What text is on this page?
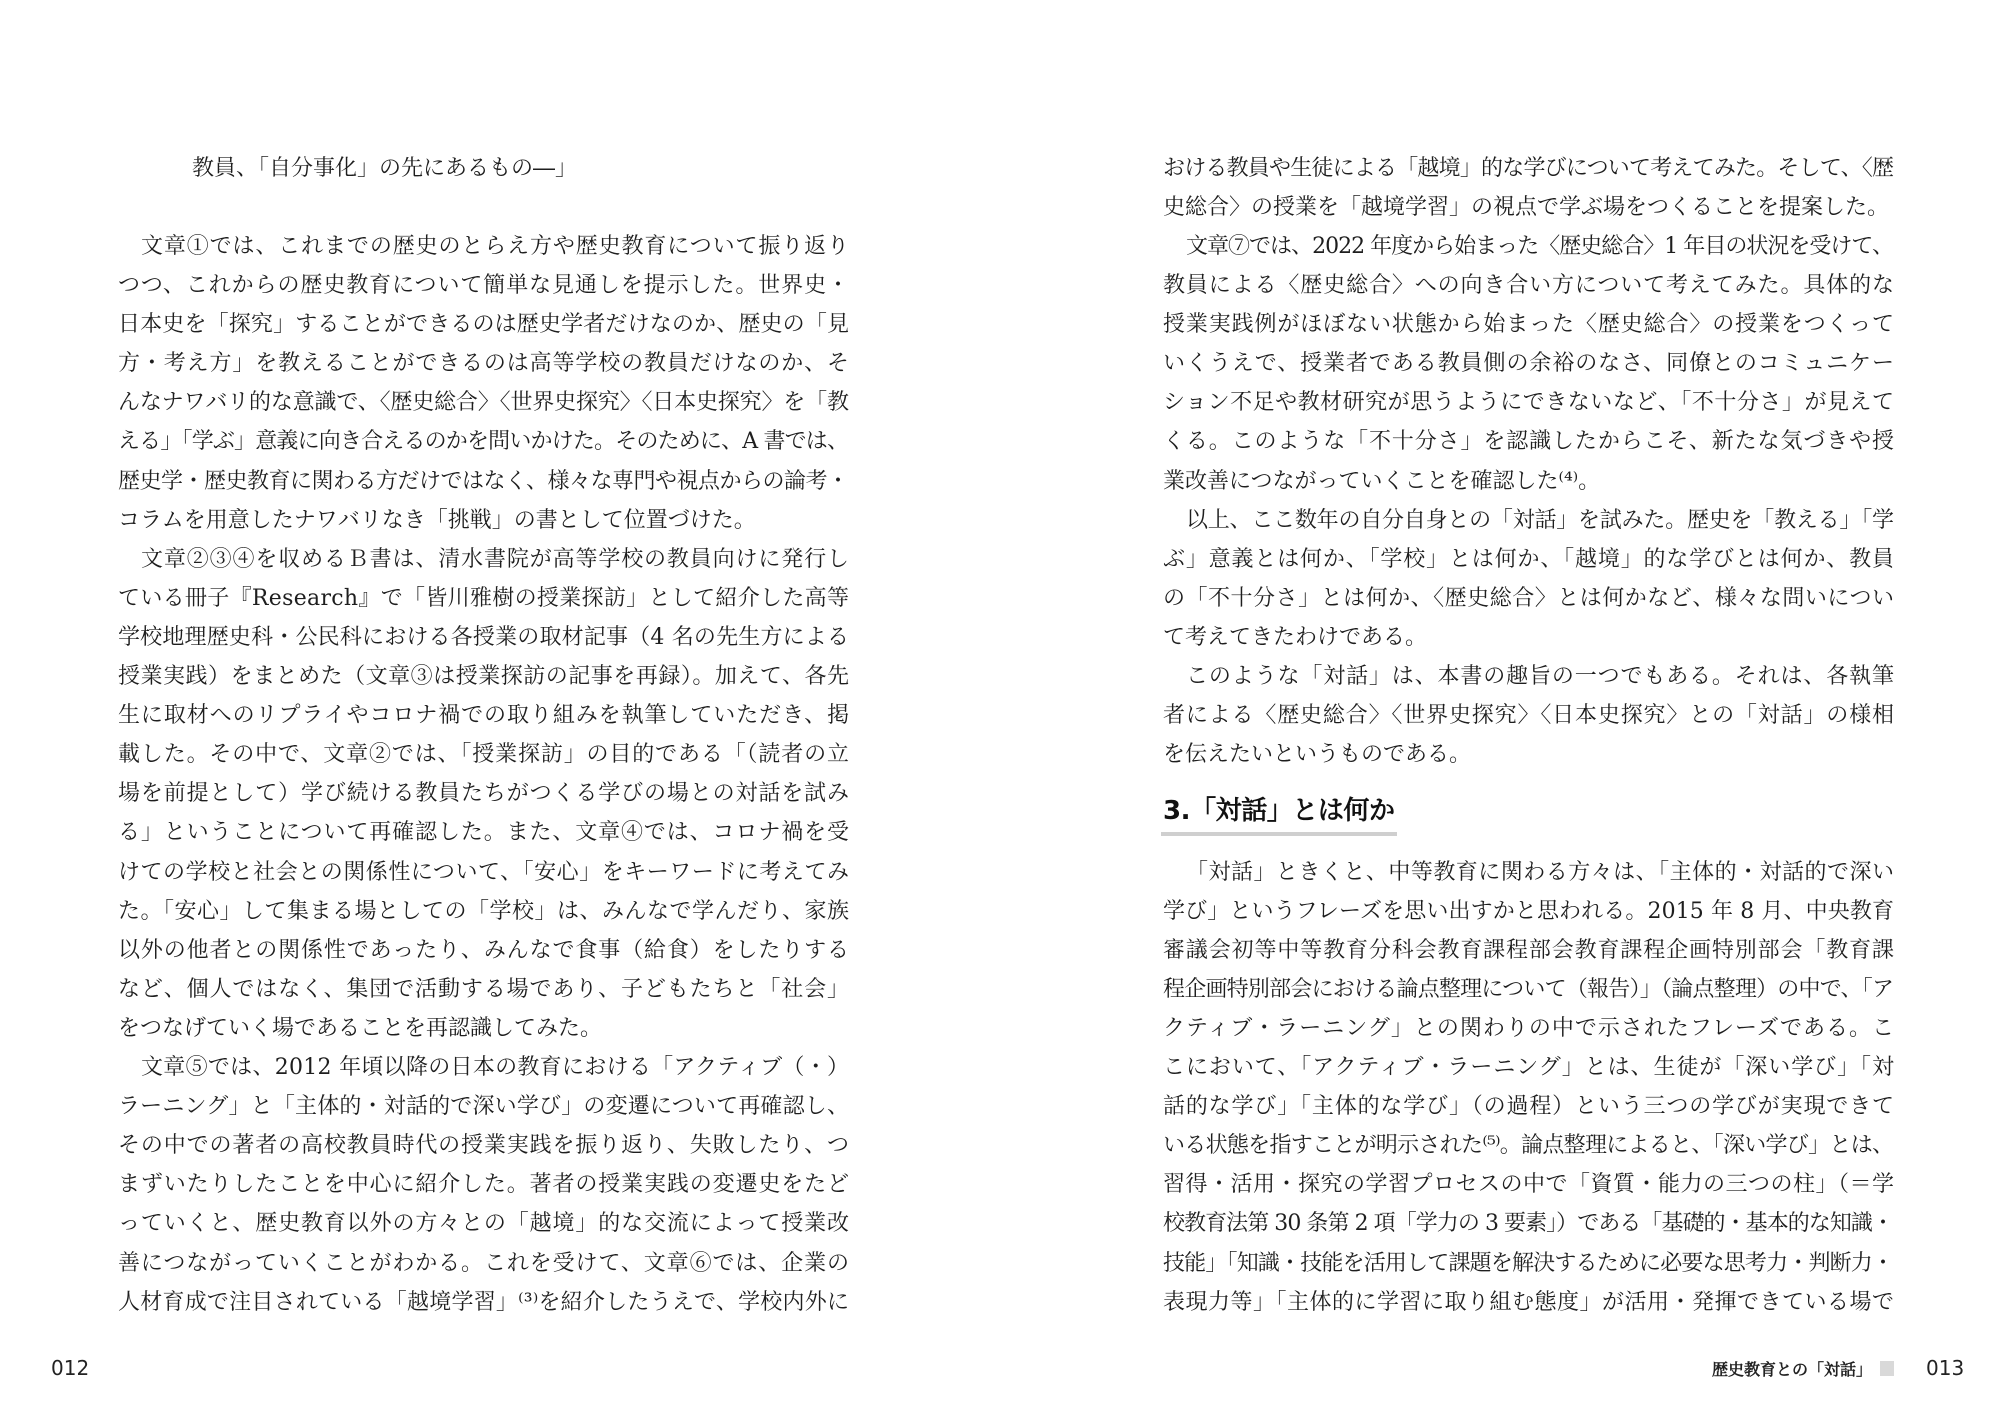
教員、「自分事化」の先にあるもの―」
文章①では、これまでの歴史のとらえ方や歴史教育について振り返り
つつ、これからの歴史教育について簡単な見通しを提示した。世界史・
日本史を「探究」することができるのは歴史学者だけなのか、歴史の「見
方・考え方」を教えることができるのは高等学校の教員だけなのか、そ
んなナワバリ的な意識で、〈歴史総合〉〈世界史探究〉〈日本史探究〉を「教
える」「学ぶ」意義に向き合えるのかを問いかけた。そのために、A 書では、
歴史学・歴史教育に関わる方だけではなく、様々な専門や視点からの論考・
コラムを用意したナワバリなき「挑戦」の書として位置づけた。
文章②③④を収めるＢ書は、清水書院が高等学校の教員向けに発行し
ている冊子『Research』で「皆川雅樹の授業探訪」として紹介した高等
学校地理歴史科・公民科における各授業の取材記事（4 名の先生方による
授業実践）をまとめた（文章③は授業探訪の記事を再録）。加えて、各先
生に取材へのリプライやコロナ禍での取り組みを執筆していただき、掲
載した。その中で、文章②では、「授業探訪」の目的である「（読者の立
場を前提として）学び続ける教員たちがつくる学びの場との対話を試み
る」ということについて再確認した。また、文章④では、コロナ禍を受
けての学校と社会との関係性について、「安心」をキーワードに考えてみ
た。「安心」して集まる場としての「学校」は、みんなで学んだり、家族
以外の他者との関係性であったり、みんなで食事（給食）をしたりする
など、個人ではなく、集団で活動する場であり、子どもたちと「社会」
をつなげていく場であることを再認識してみた。
文章⑤では、2012 年頃以降の日本の教育における「アクティブ（・）
ラーニング」と「主体的・対話的で深い学び」の変遷について再確認し、
その中での著者の高校教員時代の授業実践を振り返り、失敗したり、つ
まずいたりしたことを中心に紹介した。著者の授業実践の変遷史をたど
っていくと、歴史教育以外の方々との「越境」的な交流によって授業改
善につながっていくことがわかる。これを受けて、文章⑥では、企業の
人材育成で注目されている「越境学習」⁽³⁾を紹介したうえで、学校内外に
012
おける教員や生徒による「越境」的な学びについて考えてみた。そして、〈歴
史総合〉の授業を「越境学習」の視点で学ぶ場をつくることを提案した。
文章⑦では、2022 年度から始まった〈歴史総合〉1 年目の状況を受けて、
教員による〈歴史総合〉への向き合い方について考えてみた。具体的な
授業実践例がほぼない状態から始まった〈歴史総合〉の授業をつくって
いくうえで、授業者である教員側の余裕のなさ、同僚とのコミュニケー
ション不足や教材研究が思うようにできないなど、「不十分さ」が見えて
くる。このような「不十分さ」を認識したからこそ、新たな気づきや授
業改善につながっていくことを確認した⁽⁴⁾。
以上、ここ数年の自分自身との「対話」を試みた。歴史を「教える」「学
ぶ」意義とは何か、「学校」とは何か、「越境」的な学びとは何か、教員
の「不十分さ」とは何か、〈歴史総合〉とは何かなど、様々な問いについ
て考えてきたわけである。
このような「対話」は、本書の趣旨の一つでもある。それは、各執筆
者による〈歴史総合〉〈世界史探究〉〈日本史探究〉との「対話」の様相
を伝えたいというものである。
3.「対話」とは何か
「対話」ときくと、中等教育に関わる方々は、「主体的・対話的で深い
学び」というフレーズを思い出すかと思われる。2015 年 8 月、中央教育
審議会初等中等教育分科会教育課程部会教育課程企画特別部会「教育課
程企画特別部会における論点整理について（報告）」（論点整理）の中で、「ア
クティブ・ラーニング」との関わりの中で示されたフレーズである。こ
こにおいて、「アクティブ・ラーニング」とは、生徒が「深い学び」「対
話的な学び」「主体的な学び」（の過程）という三つの学びが実現できて
いる状態を指すことが明示された⁽⁵⁾。論点整理によると、「深い学び」とは、
習得・活用・探究の学習プロセスの中で「資質・能力の三つの柱」（＝学
校教育法第 30 条第 2 項「学力の 3 要素」）である「基礎的・基本的な知識・
技能」「知識・技能を活用して課題を解決するために必要な思考力・判断力・
表現力等」「主体的に学習に取り組む態度」が活用・発揮できている場で
歴史教育との「対話」	013
